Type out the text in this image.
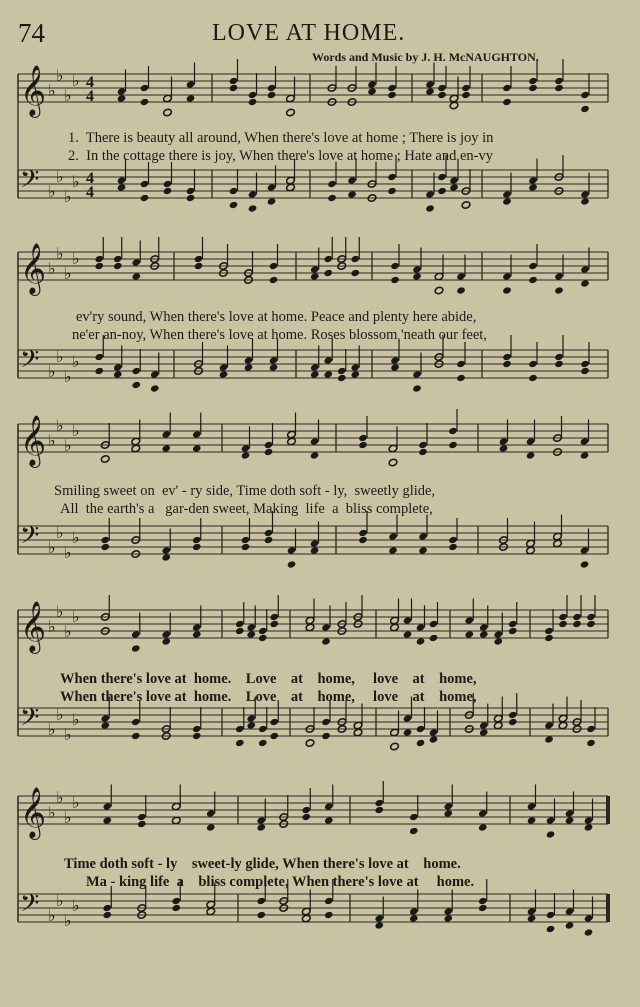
74	LOVE AT HOME.
Words and Music by J. H. McNAUGHTON.
𝄞 ♭
♭
♭
♭ 4
4
𝄢 ♭
♭
♭
♭ 4
4
𝄞 ♭
♭
♭
♭
𝄢 ♭
♭
♭
♭
𝄞 ♭
♭
♭
♭
𝄢 ♭
♭
♭
♭
𝄞 ♭
♭
♭
♭
𝄢 ♭
♭
♭
♭
𝄞 ♭
♭
♭
♭
𝄢 ♭
♭
♭
♭
1.  There is beauty all around, When there's love at home ; There is joy in
2.  In the cottage there is joy, When there's love at home ; Hate and en-vy
ev'ry sound, When there's love at home. Peace and plenty here abide,
ne'er an-noy, When there's love at home. Roses blossom 'neath our feet,
Smiling sweet on  ev' - ry side, Time doth soft - ly,  sweetly glide,
All  the earth's a   gar-den sweet, Making  life  a  bliss complete,
When there's love at  home.    Love    at    home,     love    at    home,
When there's love at  home.    Love    at    home,     love    at    home,
Time doth soft - ly    sweet-ly glide, When there's love at    home.
Ma - king life  a    bliss complete, When there's love at     home.
